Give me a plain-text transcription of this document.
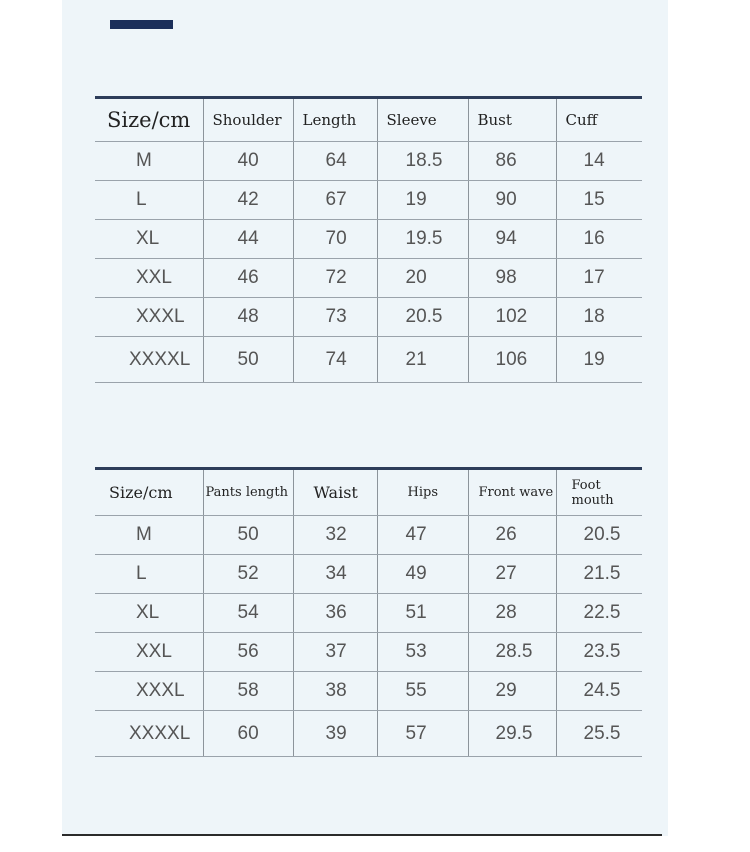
Size/cm	Shoulder	Length	Sleeve	Bust	Cuff
M	40	64	18.5	86	14
L	42	67	19	90	15
XL	44	70	19.5	94	16
XXL	46	72	20	98	17
XXXL	48	73	20.5	102	18
XXXXL	50	74	21	106	19
Size/cm	Pants length	Waist	Hips	Front wave	Foot mouth
M	50	32	47	26	20.5
L	52	34	49	27	21.5
XL	54	36	51	28	22.5
XXL	56	37	53	28.5	23.5
XXXL	58	38	55	29	24.5
XXXXL	60	39	57	29.5	25.5
